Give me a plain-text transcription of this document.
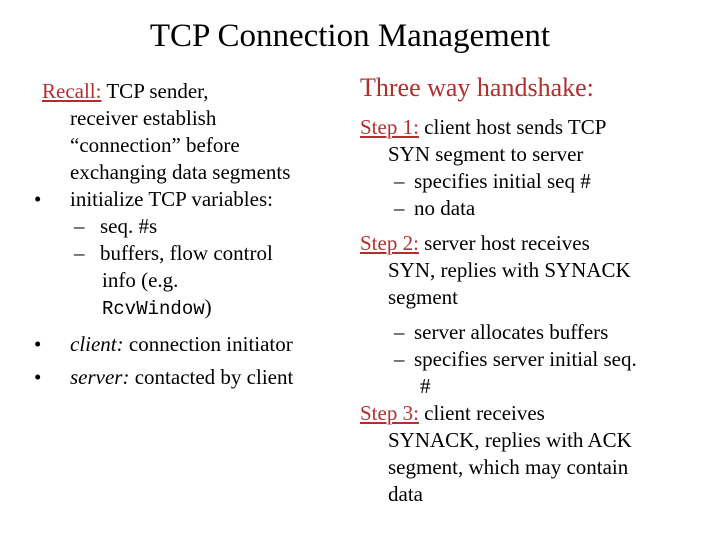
TCP Connection Management

Recall: TCP sender,

receiver establish
“connection” before
exchanging data segments

• initialize TCP variables:

– seq. #s

– buffers, flow control

info (e.g.
RcvWindow)

• client: connection initiator

• server: contacted by client

Three way handshake:

Step 1: client host sends TCP

SYN segment to server

– specifies initial seq #

– no data

Step 2: server host receives

SYN, replies with SYNACK
segment

– server allocates buffers

– specifies server initial seq.

#

Step 3: client receives

SYNACK, replies with ACK
segment, which may contain
data
